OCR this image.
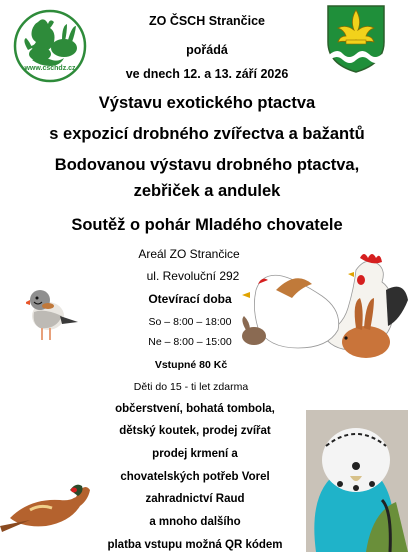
www.cschdz.cz
ZO ČSCH Strančice
pořádá
ve dnech 12. a 13. září 2026
Výstavu exotického ptactva
s expozicí drobného zvířectva a bažantů
Bodovanou výstavu drobného ptactva,
zebřiček a andulek
Soutěž o pohár Mladého chovatele
Areál ZO Strančice
ul. Revoluční 292
Otevírací doba
So – 8:00 – 18:00
Ne – 8:00 – 15:00
Vstupné 80 Kč
Děti do 15 - ti let zdarma
občerstvení, bohatá tombola,
dětský koutek, prodej zvířat
prodej krmení a
chovatelských potřeb Vorel
zahradnictví Raud
a mnoho dalšího
platba vstupu možná QR kódem
